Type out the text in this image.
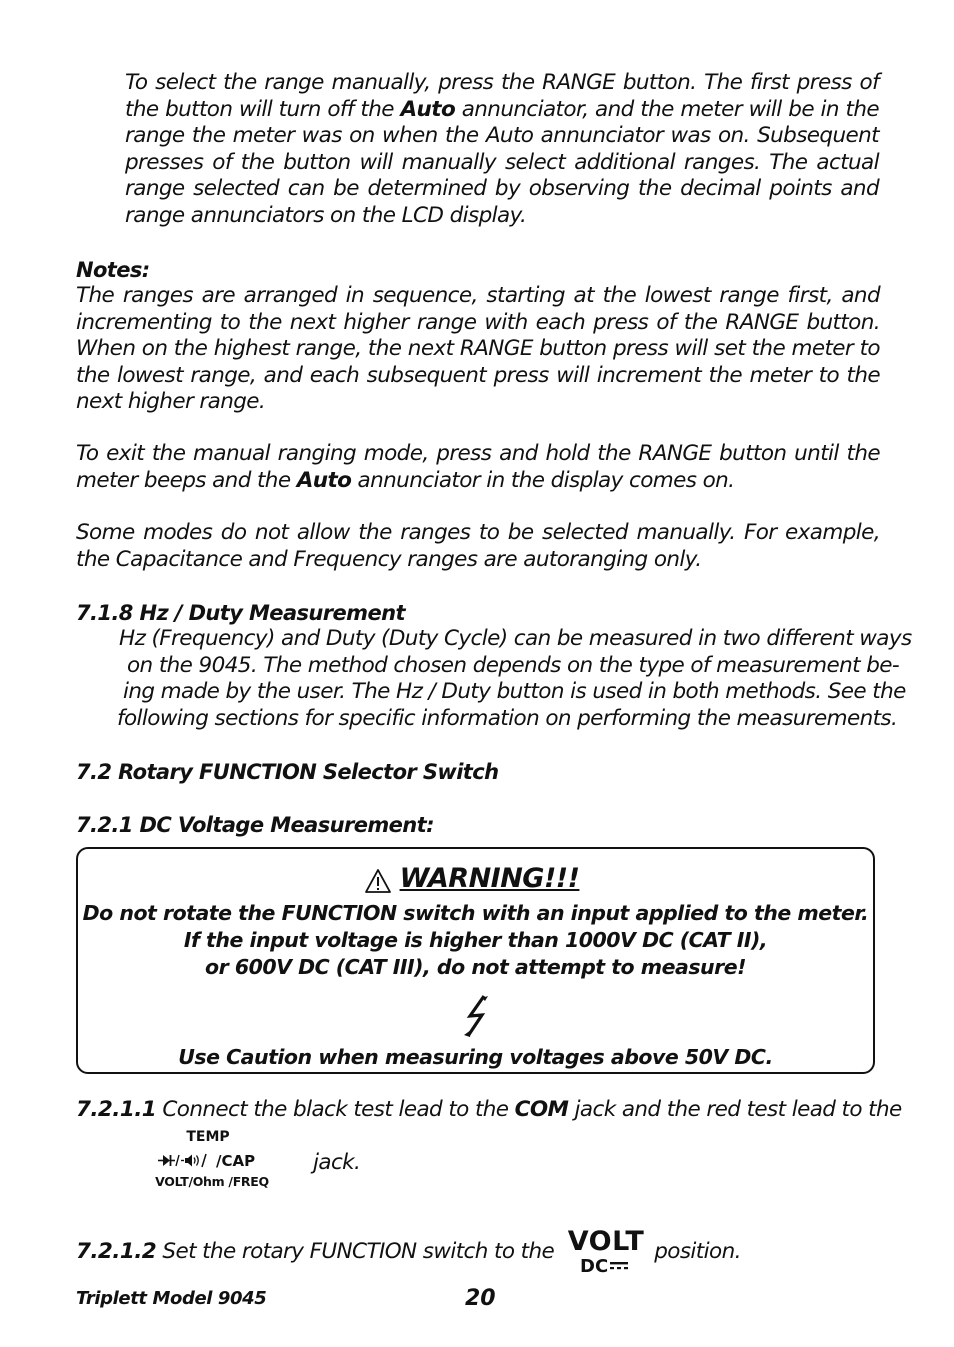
To select the range manually, press the RANGE button. The first press of the button will turn off the Auto annunciator, and the meter will be in the range the meter was on when the Auto annunciator was on. Subsequent presses of the button will manually select additional ranges. The actual range selected can be determined by observing the decimal points and range annunciators on the LCD display.
Notes:
The ranges are arranged in sequence, starting at the lowest range first, and incrementing to the next higher range with each press of the RANGE button. When on the highest range, the next RANGE button press will set the meter to the lowest range, and each subsequent press will increment the meter to the next higher range.
To exit the manual ranging mode, press and hold the RANGE button until the meter beeps and the Auto annunciator in the display comes on.
Some modes do not allow the ranges to be selected manually. For example, the Capacitance and Frequency ranges are autoranging only.
7.1.8 Hz / Duty Measurement
Hz (Frequency) and Duty (Duty Cycle) can be measured in two different ways
on the 9045. The method chosen depends on the type of measurement be-
ing made by the user. The Hz / Duty button is used in both methods. See the
following sections for specific information on performing the measurements.
7.2 Rotary FUNCTION Selector Switch
7.2.1 DC Voltage Measurement:
WARNING!!!
Do not rotate the FUNCTION switch with an input applied to the meter.
If the input voltage is higher than 1000V DC (CAT II),
or 600V DC (CAT III), do not attempt to measure!
Use Caution when measuring voltages above 50V DC.
7.2.1.1 Connect the black test lead to the COM jack and the red test lead to the
TEMP
/CAP
VOLT/Ohm /FREQ
jack.
7.2.1.2 Set the rotary FUNCTION switch to the VOLT
DC
position.
Triplett Model 9045	20
